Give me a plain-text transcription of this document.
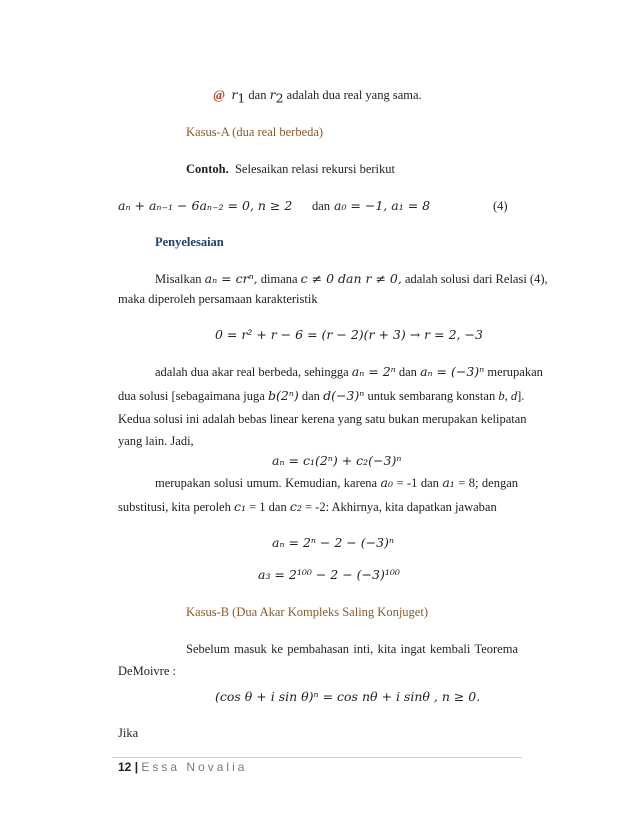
@ $r_1$ dan $r_2$ adalah dua real yang sama.
Kasus-A (dua real berbeda)
Contoh. Selesaikan relasi rekursi berikut
aₙ + aₙ₋₁ − 6aₙ₋₂ = 0, n ≥ 2 dan a₀ = −1, a₁ = 8	(4)
Penyelesaian
Misalkan aₙ = crⁿ, dimana c ≠ 0 dan r ≠ 0, adalah solusi dari Relasi (4),
maka diperoleh persamaan karakteristik
0 = r² + r − 6 = (r − 2)(r + 3) → r = 2, −3
adalah dua akar real berbeda, sehingga aₙ = 2ⁿ dan aₙ = (−3)ⁿ merupakan
dua solusi [sebagaimana juga b(2ⁿ) dan d(−3)ⁿ untuk sembarang konstan b, d].
Kedua solusi ini adalah bebas linear kerena yang satu bukan merupakan kelipatan
yang lain. Jadi,
aₙ = c₁(2ⁿ) + c₂(−3)ⁿ
merupakan solusi umum. Kemudian, karena a₀ = -1 dan a₁ = 8; dengan
substitusi, kita peroleh c₁ = 1 dan c₂ = -2: Akhirnya, kita dapatkan jawaban
aₙ = 2ⁿ − 2 − (−3)ⁿ
a₃ = 2¹⁰⁰ − 2 − (−3)¹⁰⁰
Kasus-B (Dua Akar Kompleks Saling Konjuget)
Sebelum masuk ke pembahasan inti, kita ingat kembali Teorema
DeMoivre :
(cos θ + i sin θ)ⁿ = cos nθ + i sinθ , n ≥ 0.
Jika
12 | Essa Novalia
